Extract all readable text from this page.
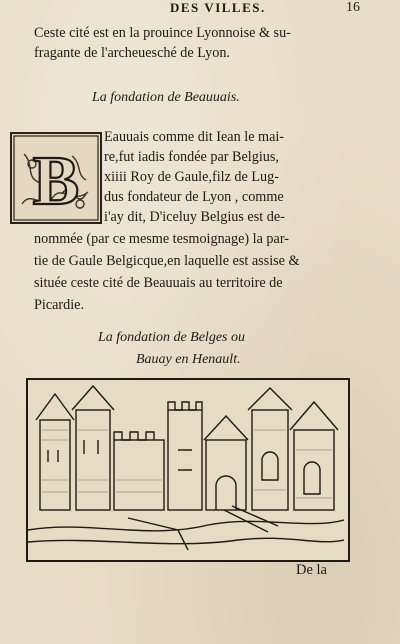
DES VILLES.	16
Ceste cité est en la prouince Lyonnoise & su-
fragante de l'archeuesché de Lyon.
La fondation de Beauuais.
B
Eauuais comme dit Iean le mai-
re,fut iadis fondée par Belgius,
xiiii Roy de Gaule,filz de Lug-
dus fondateur de Lyon , comme
i'ay dit, D'iceluy Belgius est de-
nommée (par ce mesme tesmoignage) la par-
tie de Gaule Belgicque,en laquelle est assise &
située ceste cité de Beauuais au territoire de
Picardie.
La fondation de Belges ou
Bauay en Henault.
De la
